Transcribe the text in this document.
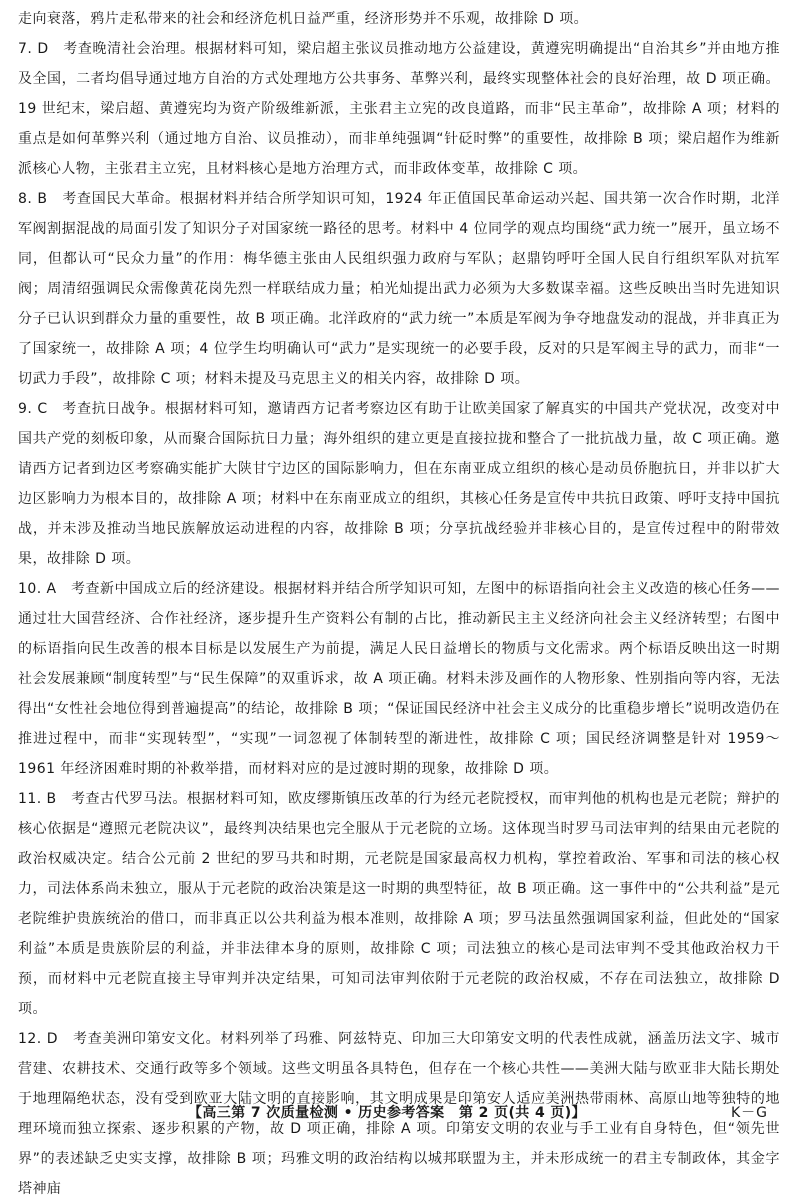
走向衰落，鸦片走私带来的社会和经济危机日益严重，经济形势并不乐观，故排除 D 项。

7. D　考查晚清社会治理。根据材料可知，梁启超主张议员推动地方公益建设，黄遵宪明确提出“自治其乡”并由地方推及全国，二者均倡导通过地方自治的方式处理地方公共事务、革弊兴利，最终实现整体社会的良好治理，故 D 项正确。19 世纪末，梁启超、黄遵宪均为资产阶级维新派，主张君主立宪的改良道路，而非“民主革命”，故排除 A 项；材料的重点是如何革弊兴利（通过地方自治、议员推动），而非单纯强调“针砭时弊”的重要性，故排除 B 项；梁启超作为维新派核心人物，主张君主立宪，且材料核心是地方治理方式，而非政体变革，故排除 C 项。

8. B　考查国民大革命。根据材料并结合所学知识可知，1924 年正值国民革命运动兴起、国共第一次合作时期，北洋军阀割据混战的局面引发了知识分子对国家统一路径的思考。材料中 4 位同学的观点均围绕“武力统一”展开，虽立场不同，但都认可“民众力量”的作用：梅华德主张由人民组织强力政府与军队；赵鼎钧呼吁全国人民自行组织军队对抗军阀；周清绍强调民众需像黄花岗先烈一样联结成力量；柏光灿提出武力必须为大多数谋幸福。这些反映出当时先进知识分子已认识到群众力量的重要性，故 B 项正确。北洋政府的“武力统一”本质是军阀为争夺地盘发动的混战，并非真正为了国家统一，故排除 A 项；4 位学生均明确认可“武力”是实现统一的必要手段，反对的只是军阀主导的武力，而非“一切武力手段”，故排除 C 项；材料未提及马克思主义的相关内容，故排除 D 项。

9. C　考查抗日战争。根据材料可知，邀请西方记者考察边区有助于让欧美国家了解真实的中国共产党状况，改变对中国共产党的刻板印象，从而聚合国际抗日力量；海外组织的建立更是直接拉拢和整合了一批抗战力量，故 C 项正确。邀请西方记者到边区考察确实能扩大陕甘宁边区的国际影响力，但在东南亚成立组织的核心是动员侨胞抗日，并非以扩大边区影响力为根本目的，故排除 A 项；材料中在东南亚成立的组织，其核心任务是宣传中共抗日政策、呼吁支持中国抗战，并未涉及推动当地民族解放运动进程的内容，故排除 B 项；分享抗战经验并非核心目的，是宣传过程中的附带效果，故排除 D 项。

10. A　考查新中国成立后的经济建设。根据材料并结合所学知识可知，左图中的标语指向社会主义改造的核心任务——通过壮大国营经济、合作社经济，逐步提升生产资料公有制的占比，推动新民主主义经济向社会主义经济转型；右图中的标语指向民生改善的根本目标是以发展生产为前提，满足人民日益增长的物质与文化需求。两个标语反映出这一时期社会发展兼顾“制度转型”与“民生保障”的双重诉求，故 A 项正确。材料未涉及画作的人物形象、性别指向等内容，无法得出“女性社会地位得到普遍提高”的结论，故排除 B 项；“保证国民经济中社会主义成分的比重稳步增长”说明改造仍在推进过程中，而非“实现转型”，“实现”一词忽视了体制转型的渐进性，故排除 C 项；国民经济调整是针对 1959～1961 年经济困难时期的补救举措，而材料对应的是过渡时期的现象，故排除 D 项。

11. B　考查古代罗马法。根据材料可知，欧皮缪斯镇压改革的行为经元老院授权，而审判他的机构也是元老院；辩护的核心依据是“遵照元老院决议”，最终判决结果也完全服从于元老院的立场。这体现当时罗马司法审判的结果由元老院的政治权威决定。结合公元前 2 世纪的罗马共和时期，元老院是国家最高权力机构，掌控着政治、军事和司法的核心权力，司法体系尚未独立，服从于元老院的政治决策是这一时期的典型特征，故 B 项正确。这一事件中的“公共利益”是元老院维护贵族统治的借口，而非真正以公共利益为根本准则，故排除 A 项；罗马法虽然强调国家利益，但此处的“国家利益”本质是贵族阶层的利益，并非法律本身的原则，故排除 C 项；司法独立的核心是司法审判不受其他政治权力干预，而材料中元老院直接主导审判并决定结果，可知司法审判依附于元老院的政治权威，不存在司法独立，故排除 D 项。

12. D　考查美洲印第安文化。材料列举了玛雅、阿兹特克、印加三大印第安文明的代表性成就，涵盖历法文字、城市营建、农耕技术、交通行政等多个领域。这些文明虽各具特色，但存在一个核心共性——美洲大陆与欧亚非大陆长期处于地理隔绝状态，没有受到欧亚大陆文明的直接影响，其文明成果是印第安人适应美洲热带雨林、高原山地等独特的地理环境而独立探索、逐步积累的产物，故 D 项正确，排除 A 项。印第安文明的农业与手工业有自身特色，但“领先世界”的表述缺乏史实支撑，故排除 B 项；玛雅文明的政治结构以城邦联盟为主，并未形成统一的君主专制政体，其金字塔神庙

【高三第 7 次质量检测 • 历史参考答案　第 2 页(共 4 页)】	K－G
